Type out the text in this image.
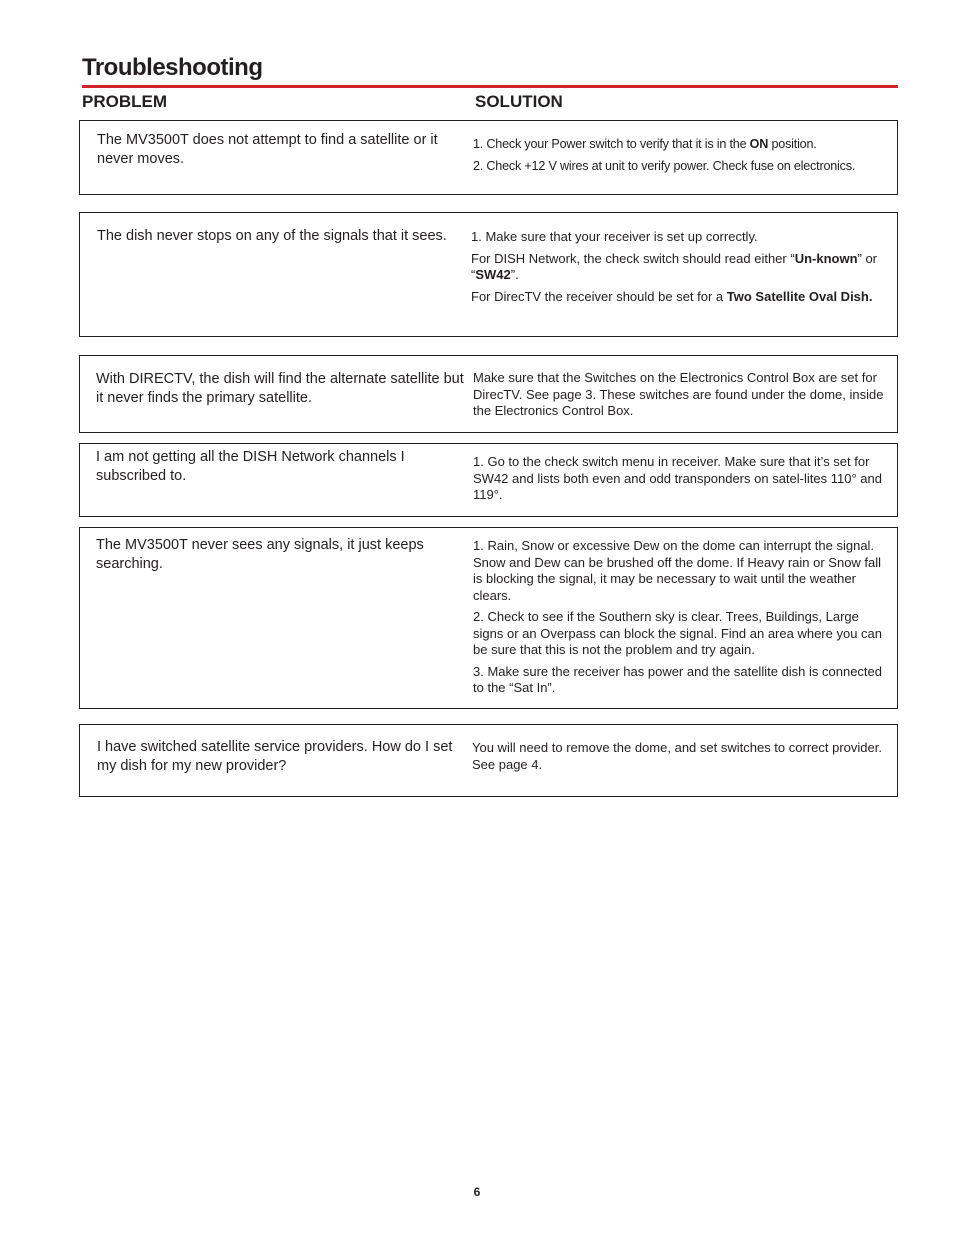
Troubleshooting
PROBLEM	SOLUTION
The MV3500T does not attempt to find a satellite or it never moves.

1. Check your Power switch to verify that it is in the ON position.

2. Check +12 V wires at unit to verify power. Check fuse on electronics.

The dish never stops on any of the signals that it sees.	1. Make sure that your receiver is set up correctly.

For DISH Network, the check switch should read either “Un-known” or “SW42”.

For DirecTV the receiver should be set for a Two Satellite Oval Dish.

With DIRECTV, the dish will find the alternate satellite but it never finds the primary satellite.

Make sure that the Switches on the Electronics Control Box are set for DirecTV. See page 3. These switches are found under the dome, inside the Electronics Control Box.

I am not getting all the DISH Network channels I subscribed to.

1. Go to the check switch menu in receiver. Make sure that it’s set for SW42 and lists both even and odd transponders on satel-lites 110° and 119°.

The MV3500T never sees any signals, it just keeps searching.

1. Rain, Snow or excessive Dew on the dome can interrupt the signal. Snow and Dew can be brushed off the dome. If Heavy rain or Snow fall is blocking the signal, it may be necessary to wait until the weather clears.

2. Check to see if the Southern sky is clear. Trees, Buildings, Large signs or an Overpass can block the signal. Find an area where you can be sure that this is not the problem and try again.

3. Make sure the receiver has power and the satellite dish is connected to the “Sat In”.

I have switched satellite service providers. How do I set my dish for my new provider?

You will need to remove the dome, and set switches to correct provider. See page 4.

6
